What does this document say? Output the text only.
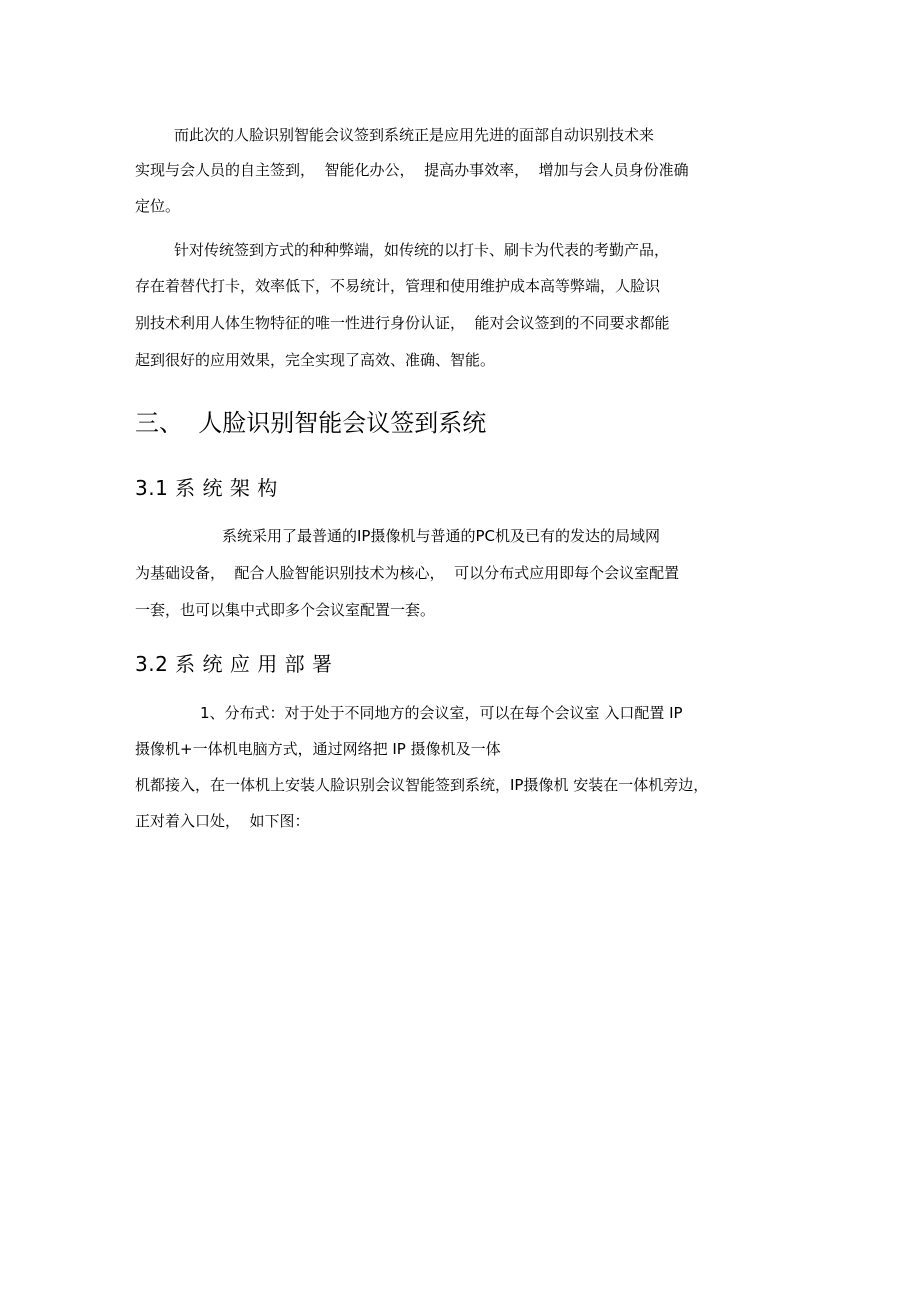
而此次的人脸识别智能会议签到系统正是应用先进的面部自动识别技术来
实现与会人员的自主签到，  智能化办公，  提高办事效率，  增加与会人员身份准确
定位。
针对传统签到方式的种种弊端，如传统的以打卡、刷卡为代表的考勤产品，
存在着替代打卡，效率低下，不易统计，管理和使用维护成本高等弊端，人脸识
别技术利用人体生物特征的唯一性进行身份认证，  能对会议签到的不同要求都能
起到很好的应用效果，完全实现了高效、准确、智能。
三、  人脸识别智能会议签到系统
3.1 系 统 架 构
系统采用了最普通的IP摄像机与普通的PC机及已有的发达的局域网
为基础设备，  配合人脸智能识别技术为核心，  可以分布式应用即每个会议室配置
一套，也可以集中式即多个会议室配置一套。
3.2 系 统 应 用 部 署
1、分布式：对于处于不同地方的会议室，可以在每个会议室 入口配置 IP
摄像机+一体机电脑方式，通过网络把 IP 摄像机及一体
机都接入，在一体机上安装人脸识别会议智能签到系统，IP摄像机 安装在一体机旁边，
正对着入口处，  如下图：
